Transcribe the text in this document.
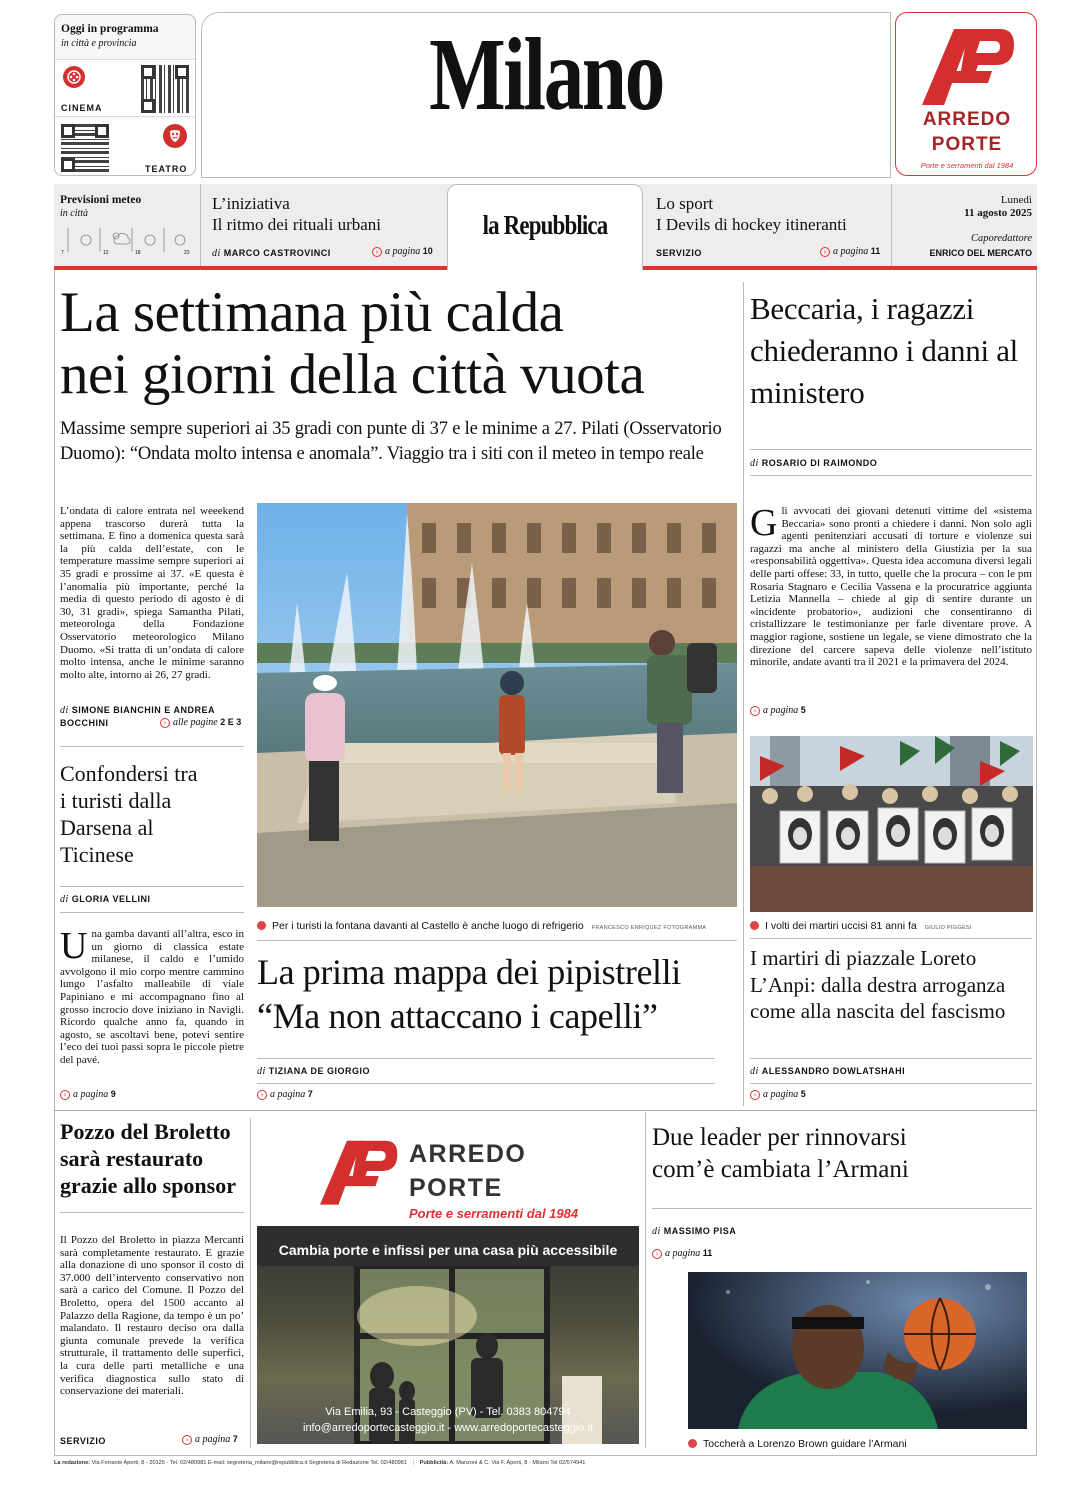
Oggi in programma
in città e provincia
CINEMA
TEATRO
Milano	ARREDO
PORTE
Porte e serramenti dal 1984
Previsioni meteo
in città
7	12	18	23
L’iniziativa
Il ritmo dei rituali urbani
di MARCO CASTROVINCI	› a pagina 10
la Repubblica
Lo sport
I Devils di hockey itineranti
SERVIZIO	› a pagina 11
Lunedì
11 agosto 2025
Caporedattore
ENRICO DEL MERCATO
La settimana più calda
nei giorni della città vuota
Massime sempre superiori ai 35 gradi con punte di 37 e le minime a 27. Pilati (Osservatorio Duomo): “Ondata molto intensa e anomala”. Viaggio tra i siti con il meteo in tempo reale
L’ondata di calore entrata nel weeekend appena trascorso durerà tutta la settimana. E fino a domenica questa sarà la più calda dell’estate, con le temperature massime sempre superiori ai 35 gradi e prossime ai 37. «E questa è l’anomalia più importante, perché la media di questo periodo di agosto è di 30, 31 gradi», spiega Samantha Pilati, meteorologa della Fondazione Osservatorio meteorologico Milano Duomo. «Si tratta di un’ondata di calore molto intensa, anche le minime saranno molto alte, intorno ai 26, 27 gradi.
di SIMONE BIANCHIN E ANDREA BOCCHINI	› alle pagine 2 E 3
Per i turisti la fontana davanti al Castello è anche luogo di refrigerio FRANCESCO ENRIQUEZ FOTOGRAMMA
Confondersi tra i turisti dalla Darsena al Ticinese
di GLORIA VELLINI
Una gamba davanti all’altra, esco in un giorno di classica estate milanese, il caldo e l’umido avvolgono il mio corpo mentre cammino lungo l’asfalto malleabile di viale Papiniano e mi accompagnano fino al grosso incrocio dove iniziano in Navigli. Ricordo qualche anno fa, quando in agosto, se ascoltavi bene, potevi sentire l’eco dei tuoi passi sopra le piccole pietre del pavé.
› a pagina 9
La prima mappa dei pipistrelli
“Ma non attaccano i capelli”
di TIZIANA DE GIORGIO
› a pagina 7
Beccaria, i ragazzi chiederanno i danni al ministero
di ROSARIO DI RAIMONDO
Gli avvocati dei giovani detenuti vittime del «sistema Beccaria» sono pronti a chiedere i danni. Non solo agli agenti penitenziari accusati di torture e violenze sui ragazzi ma anche al ministero della Giustizia per la sua «responsabilità oggettiva». Questa idea accomuna diversi legali delle parti offese: 33, in tutto, quelle che la procura – con le pm Rosaria Stagnaro e Cecilia Vassena e la procuratrice aggiunta Letizia Mannella – chiede al gip di sentire durante un «incidente probatorio», audizioni che consentiranno di cristallizzare le testimonianze per farle diventare prove. A maggior ragione, sostiene un legale, se viene dimostrato che la direzione del carcere sapeva delle violenze nell’istituto minorile, andate avanti tra il 2021 e la primavera del 2024.
› a pagina 5
I volti dei martiri uccisi 81 anni fa GIULIO PIGGESI
I martiri di piazzale Loreto L’Anpi: dalla destra arroganza come alla nascita del fascismo
di ALESSANDRO DOWLATSHAHI
› a pagina 5
Pozzo del Broletto sarà restaurato grazie allo sponsor
Il Pozzo del Broletto in piazza Mercanti sarà completamente restaurato. E grazie alla donazione di uno sponsor il costo di 37.000 dell’intervento conservativo non sarà a carico del Comune. Il Pozzo del Broletto, opera del 1500 accanto al Palazzo della Ragione, da tempo è un po’ malandato. Il restauro deciso ora dalla giunta comunale prevede la verifica strutturale, il trattamento delle superfici, la cura delle parti metalliche e una verifica diagnostica sullo stato di conservazione dei materiali.
SERVIZIO	› a pagina 7
ARREDO
PORTE
Porte e serramenti dal 1984
Cambia porte e infissi per una casa più accessibile
Via Emilia, 93 - Casteggio (PV) - Tel. 0383 804794
info@arredoportecasteggio.it - www.arredoportecasteggio.it
Due leader per rinnovarsi com’è cambiata l’Armani
di MASSIMO PISA
› a pagina 11
Toccherà a Lorenzo Brown guidare l’Armani
La redazione: Via Ferrante Aporti, 8 - 20125 - Tel. 02/480981 E-mail: segreteria_milano@repubblica.it Segreteria di Redazione Tel. 02/480981 | Pubblicità: A. Manzoni & C. Via F. Aporti, 8 - Milano Tel 02/574941
